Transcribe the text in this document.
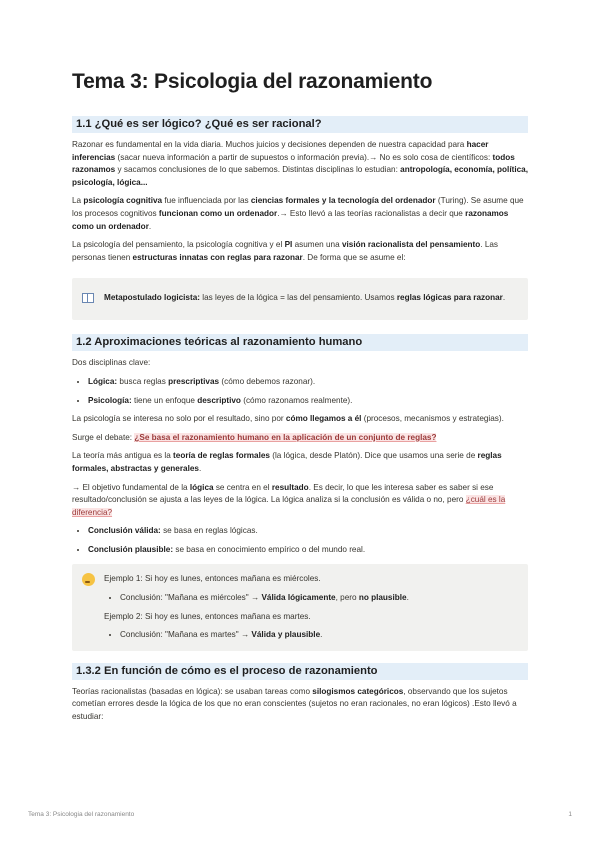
Tema 3: Psicologia del razonamiento
1.1 ¿Qué es ser lógico? ¿Qué es ser racional?

Razonar es fundamental en la vida diaria. Muchos juicios y decisiones dependen de nuestra capacidad para hacer inferencias (sacar nueva información a partir de supuestos o información previa).→ No es solo cosa de científicos: todos razonamos y sacamos conclusiones de lo que sabemos. Distintas disciplinas lo estudian: antropología, economía, política, psicología, lógica...

La psicología cognitiva fue influenciada por las ciencias formales y la tecnología del ordenador (Turing). Se asume que los procesos cognitivos funcionan como un ordenador.→ Esto llevó a las teorías racionalistas a decir que razonamos como un ordenador.

La psicología del pensamiento, la psicología cognitiva y el PI asumen una visión racionalista del pensamiento. Las personas tienen estructuras innatas con reglas para razonar. De forma que se asume el:

Metapostulado logicista: las leyes de la lógica = las del pensamiento. Usamos reglas lógicas para razonar.

1.2 Aproximaciones teóricas al razonamiento humano

Dos disciplinas clave:

• Lógica: busca reglas prescriptivas (cómo debemos razonar).
• Psicología: tiene un enfoque descriptivo (cómo razonamos realmente).

La psicología se interesa no solo por el resultado, sino por cómo llegamos a él (procesos, mecanismos y estrategias).

Surge el debate: ¿Se basa el razonamiento humano en la aplicación de un conjunto de reglas?

La teoría más antigua es la teoría de reglas formales (la lógica, desde Platón). Dice que usamos una serie de reglas formales, abstractas y generales.

→ El objetivo fundamental de la lógica se centra en el resultado. Es decir, lo que les interesa saber es saber si ese resultado/conclusión se ajusta a las leyes de la lógica. La lógica analiza si la conclusión es válida o no, pero ¿cuál es la diferencia?

• Conclusión válida: se basa en reglas lógicas.
• Conclusión plausible: se basa en conocimiento empírico o del mundo real.

Ejemplo 1: Si hoy es lunes, entonces mañana es miércoles.

• Conclusión: "Mañana es miércoles" → Válida lógicamente, pero no plausible.

Ejemplo 2: Si hoy es lunes, entonces mañana es martes.

• Conclusión: "Mañana es martes" → Válida y plausible.
1.3.2 En función de cómo es el proceso de razonamiento

Teorías racionalistas (basadas en lógica): se usaban tareas como silogismos categóricos, observando que los sujetos cometían errores desde la lógica de los que no eran conscientes (sujetos no eran racionales, no eran lógicos) .Esto llevó a estudiar:

Tema 3: Psicologia del razonamiento	1
